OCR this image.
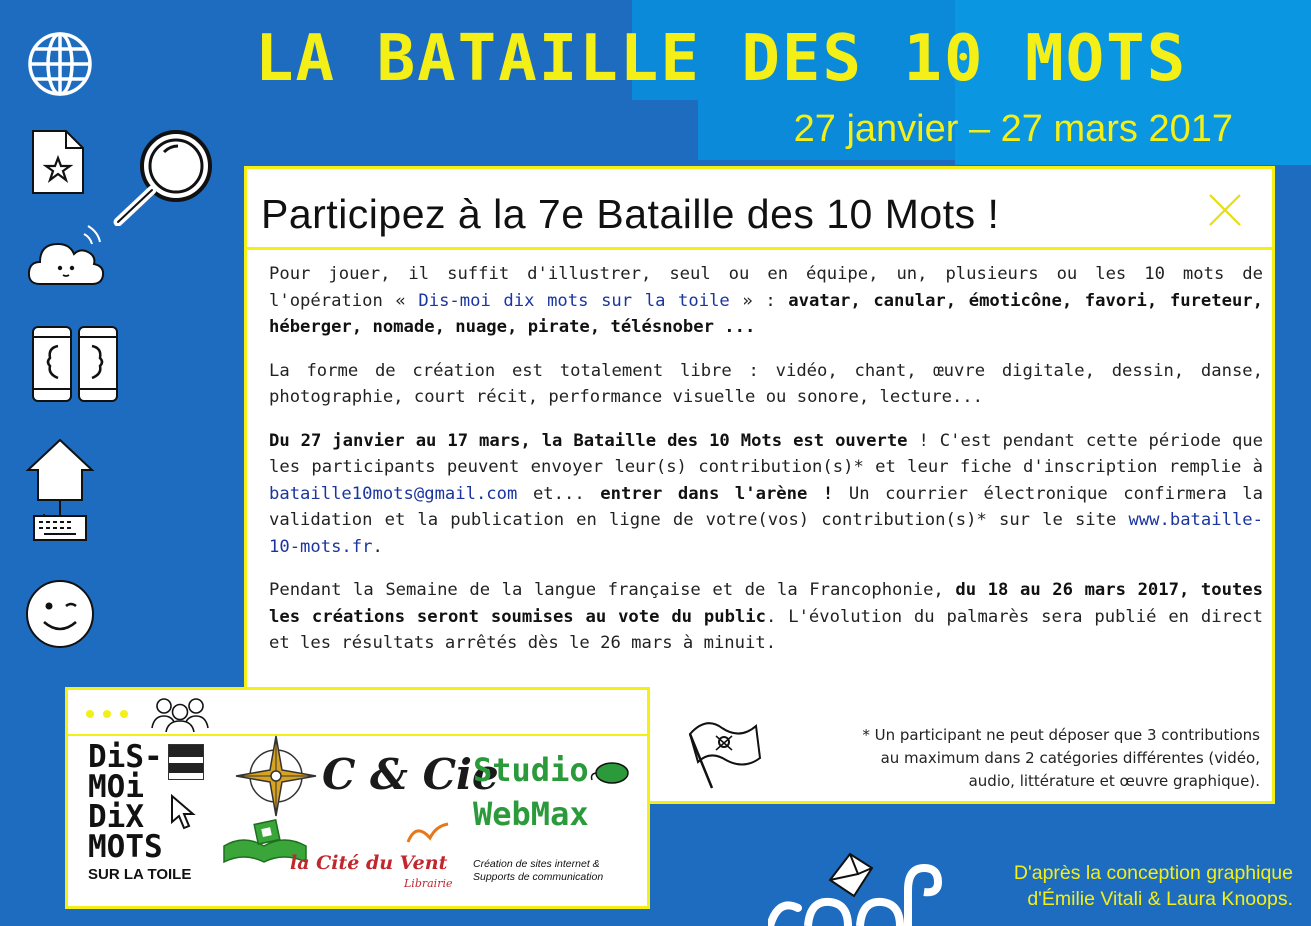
LA BATAILLE DES 10 MOTS
27 janvier – 27 mars 2017
Participez à la 7e Bataille des 10 Mots !

Pour jouer, il suffit d'illustrer, seul ou en équipe, un, plusieurs ou les 10 mots de l'opération « Dis-moi dix mots sur la toile » : avatar, canular, émoticône, favori, fureteur, héberger, nomade, nuage, pirate, télésnober ...

La forme de création est totalement libre : vidéo, chant, œuvre digitale, dessin, danse, photographie, court récit, performance visuelle ou sonore, lecture...

Du 27 janvier au 17 mars, la Bataille des 10 Mots est ouverte ! C'est pendant cette période que les participants peuvent envoyer leur(s) contribution(s)* et leur fiche d'inscription remplie à bataille10mots@gmail.com et... entrer dans l'arène ! Un courrier électronique confirmera la validation et la publication en ligne de votre(vos) contribution(s)* sur le site www.bataille-10-mots.fr.

Pendant la Semaine de la langue française et de la Francophonie, du 18 au 26 mars 2017, toutes les créations seront soumises au vote du public. L'évolution du palmarès sera publié en direct et les résultats arrêtés dès le 26 mars à minuit.

* Un participant ne peut déposer que 3 contributions
au maximum dans 2 catégories différentes (vidéo,
audio, littérature et œuvre graphique).
DiS-
MOi
DiX
MOTS
SUR LA TOILE
C & Cie
Studio
WebMax
Création de sites internet &
Supports de communication
la Cité du Vent
Librairie	D'après la conception graphique
d'Émilie Vitali & Laura Knoops.
